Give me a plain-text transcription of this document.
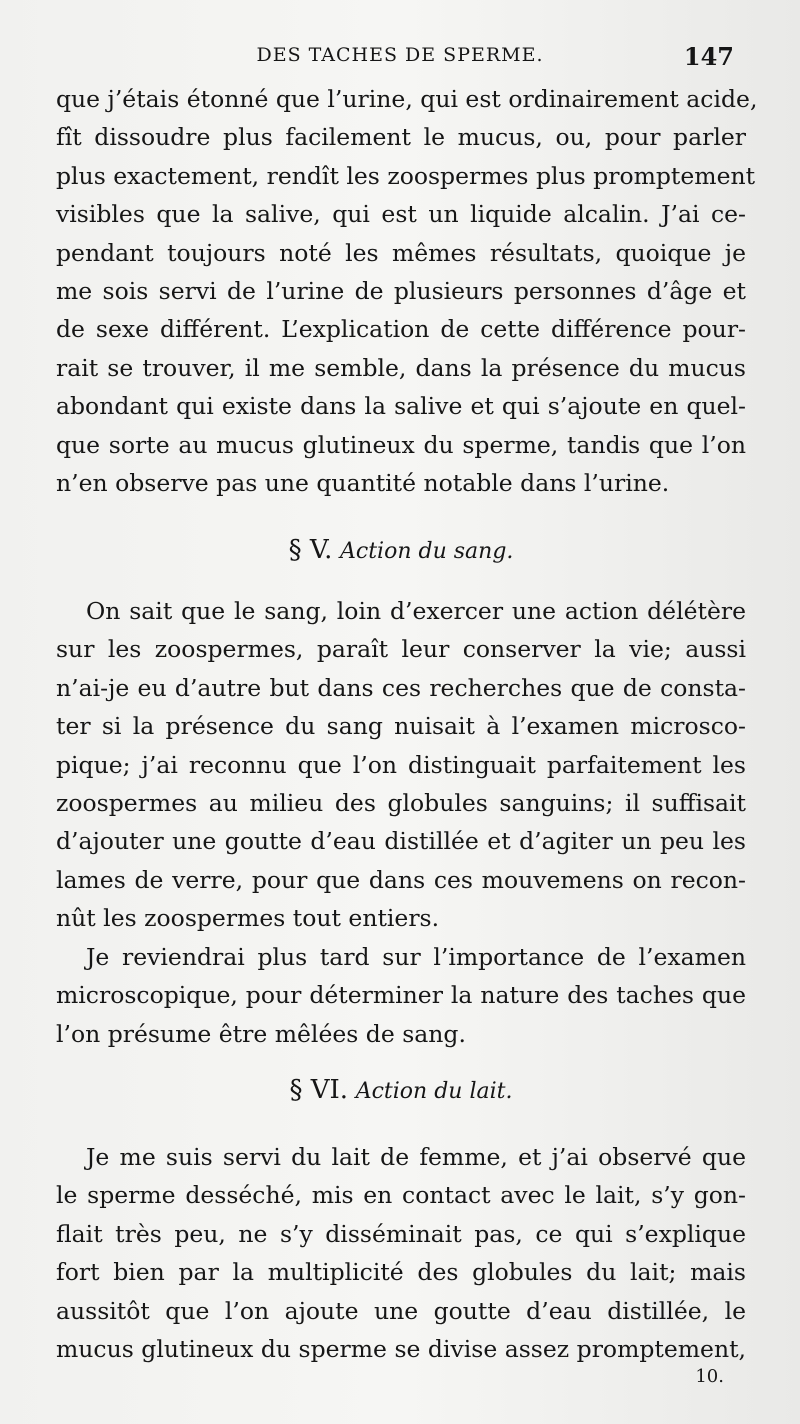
DES TACHES DE SPERME.	147
que j’étais étonné que l’urine, qui est ordinairement acide,
fît dissoudre plus facilement le mucus, ou, pour parler
plus exactement, rendît les zoospermes plus promptement
visibles que la salive, qui est un liquide alcalin. J’ai ce-
pendant toujours noté les mêmes résultats, quoique je
me sois servi de l’urine de plusieurs personnes d’âge et
de sexe différent. L’explication de cette différence pour-
rait se trouver, il me semble, dans la présence du mucus
abondant qui existe dans la salive et qui s’ajoute en quel-
que sorte au mucus glutineux du sperme, tandis que l’on
n’en observe pas une quantité notable dans l’urine.
§ V. Action du sang.
On sait que le sang, loin d’exercer une action délétère
sur les zoospermes, paraît leur conserver la vie; aussi
n’ai-je eu d’autre but dans ces recherches que de consta-
ter si la présence du sang nuisait à l’examen microsco-
pique; j’ai reconnu que l’on distinguait parfaitement les
zoospermes au milieu des globules sanguins; il suffisait
d’ajouter une goutte d’eau distillée et d’agiter un peu les
lames de verre, pour que dans ces mouvemens on recon-
nût les zoospermes tout entiers.
Je reviendrai plus tard sur l’importance de l’examen
microscopique, pour déterminer la nature des taches que
l’on présume être mêlées de sang.
§ VI. Action du lait.
Je me suis servi du lait de femme, et j’ai observé que
le sperme desséché, mis en contact avec le lait, s’y gon-
flait très peu, ne s’y disséminait pas, ce qui s’explique
fort bien par la multiplicité des globules du lait; mais
aussitôt que l’on ajoute une goutte d’eau distillée, le
mucus glutineux du sperme se divise assez promptement,
10.
